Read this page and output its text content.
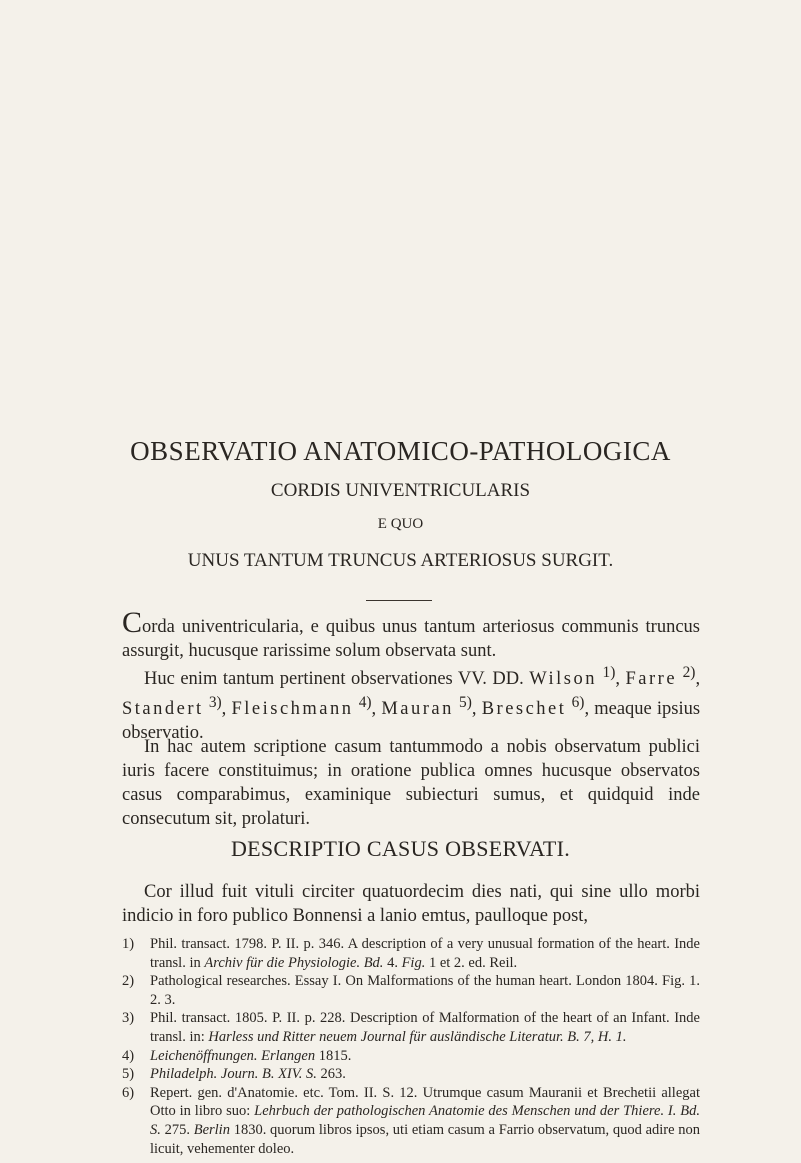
OBSERVATIO ANATOMICO-PATHOLOGICA
CORDIS UNIVENTRICULARIS
E QUO
UNUS TANTUM TRUNCUS ARTERIOSUS SURGIT.

Corda univentricularia, e quibus unus tantum arteriosus communis truncus assurgit, hucusque rarissime solum observata sunt.

Huc enim tantum pertinent observationes VV. DD. Wilson $^{1)}$, Farre $^{2)}$, Standert $^{3)}$, Fleischmann $^{4)}$, Mauran $^{5)}$, Breschet $^{6)}$, meaque ipsius observatio.

In hac autem scriptione casum tantummodo a nobis observatum publici iuris facere constituimus; in oratione publica omnes hucusque observatos casus comparabimus, examinique subiecturi sumus, et quidquid inde consecutum sit, prolaturi.

DESCRIPTIO CASUS OBSERVATI.

Cor illud fuit vituli circiter quatuordecim dies nati, qui sine ullo morbi indicio in foro publico Bonnensi a lanio emtus, paulloque post,

1) Phil. transact. 1798. P. II. p. 346. A description of a very unusual formation of the heart. Inde transl. in Archiv für die Physiologie. Bd. 4. Fig. 1 et 2. ed. Reil.
2) Pathological researches. Essay I. On Malformations of the human heart. London 1804. Fig. 1. 2. 3.
3) Phil. transact. 1805. P. II. p. 228. Description of Malformation of the heart of an Infant. Inde transl. in: Harless und Ritter neuem Journal für ausländische Literatur. B. 7, H. 1.
4) Leichenöffnungen. Erlangen 1815.
5) Philadelph. Journ. B. XIV. S. 263.
6) Repert. gen. d'Anatomie. etc. Tom. II. S. 12. Utrumque casum Mauranii et Brechetii allegat Otto in libro suo: Lehrbuch der pathologischen Anatomie des Menschen und der Thiere. I. Bd. S. 275. Berlin 1830. quorum libros ipsos, uti etiam casum a Farrio observatum, quod adire non licuit, vehementer doleo.
